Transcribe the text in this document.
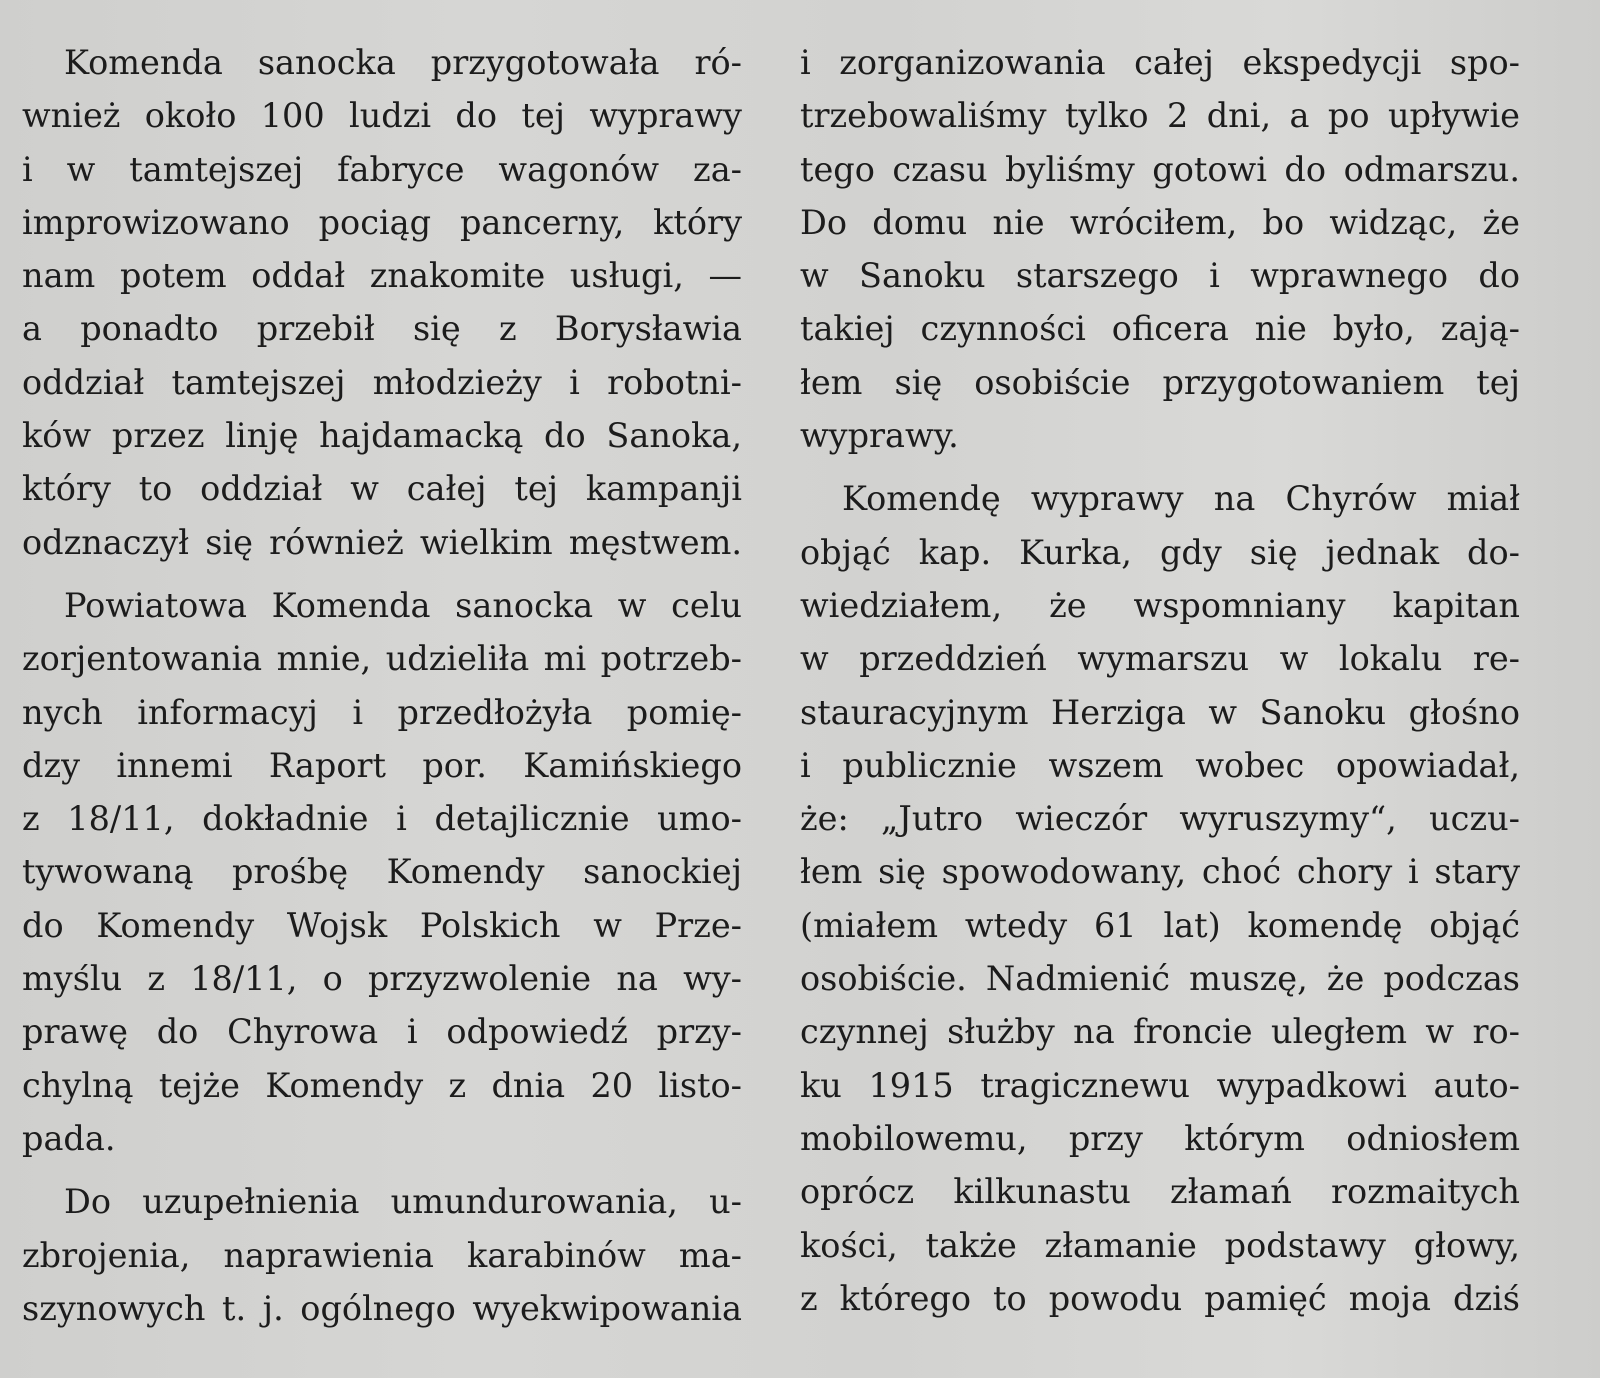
Komenda sanocka przygotowała ró-
wnież około 100 ludzi do tej wyprawy
i w tamtejszej fabryce wagonów za-
improwizowano pociąg pancerny, który
nam potem oddał znakomite usługi, —
a ponadto przebił się z Borysławia
oddział tamtejszej młodzieży i robotni-
ków przez linję hajdamacką do Sanoka,
który to oddział w całej tej kampanji
odznaczył się również wielkim męstwem.
Powiatowa Komenda sanocka w celu
zorjentowania mnie, udzieliła mi potrzeb-
nych informacyj i przedłożyła pomię-
dzy innemi Raport por. Kamińskiego
z 18/11, dokładnie i detajlicznie umo-
tywowaną prośbę Komendy sanockiej
do Komendy Wojsk Polskich w Prze-
myślu z 18/11, o przyzwolenie na wy-
prawę do Chyrowa i odpowiedź przy-
chylną tejże Komendy z dnia 20 listo-
pada.
Do uzupełnienia umundurowania, u-
zbrojenia, naprawienia karabinów ma-
szynowych t. j. ogólnego wyekwipowania
i zorganizowania całej ekspedycji spo-
trzebowaliśmy tylko 2 dni, a po upływie
tego czasu byliśmy gotowi do odmarszu.
Do domu nie wróciłem, bo widząc, że
w Sanoku starszego i wprawnego do
takiej czynności oficera nie było, zają-
łem się osobiście przygotowaniem tej
wyprawy.
Komendę wyprawy na Chyrów miał
objąć kap. Kurka, gdy się jednak do-
wiedziałem, że wspomniany kapitan
w przeddzień wymarszu w lokalu re-
stauracyjnym Herziga w Sanoku głośno
i publicznie wszem wobec opowiadał,
że: „Jutro wieczór wyruszymy“, uczu-
łem się spowodowany, choć chory i stary
(miałem wtedy 61 lat) komendę objąć
osobiście. Nadmienić muszę, że podczas
czynnej służby na froncie uległem w ro-
ku 1915 tragicznewu wypadkowi auto-
mobilowemu, przy którym odniosłem
oprócz kilkunastu złamań rozmaitych
kości, także złamanie podstawy głowy,
z którego to powodu pamięć moja dziś
